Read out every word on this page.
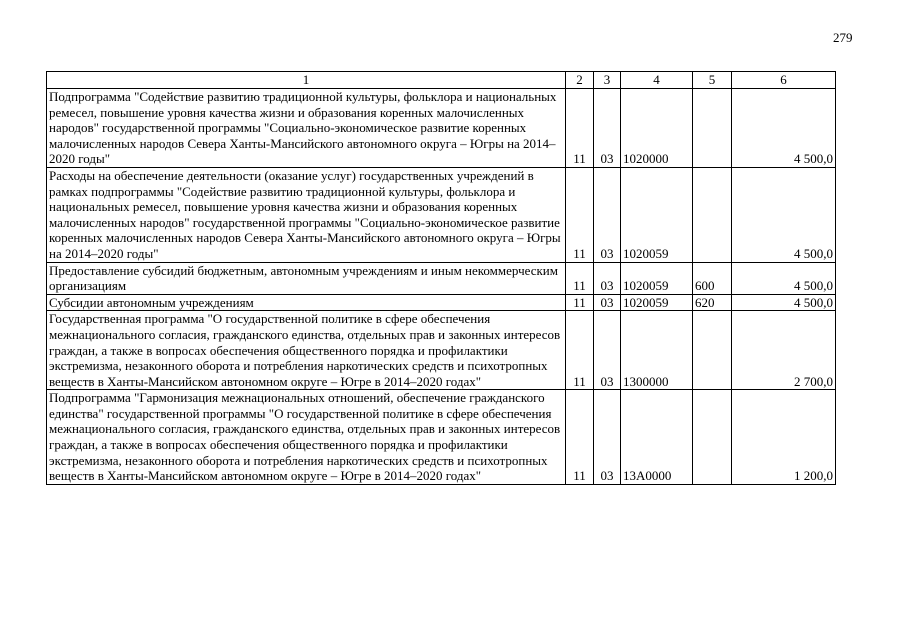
279
1	2	3	4	5	6
Подпрограмма "Содействие развитию традиционной культуры, фольклора и национальных ремесел, повышение уровня качества жизни и образования коренных малочисленных народов" государственной программы "Социально-экономическое развитие коренных малочисленных народов Севера Ханты-Мансийского автономного округа – Югры на 2014–2020 годы"	11	03	1020000		4 500,0
Расходы на обеспечение деятельности (оказание услуг) государственных учреждений в рамках подпрограммы "Содействие развитию традиционной культуры, фольклора и национальных ремесел, повышение уровня качества жизни и образования коренных малочисленных народов" государственной программы "Социально-экономическое развитие коренных малочисленных народов Севера Ханты-Мансийского автономного округа – Югры на 2014–2020 годы"	11	03	1020059		4 500,0
Предоставление субсидий бюджетным, автономным учреждениям и иным некоммерческим организациям	11	03	1020059	600	4 500,0
Субсидии автономным учреждениям	11	03	1020059	620	4 500,0
Государственная программа "О государственной политике в сфере обеспечения межнационального согласия, гражданского единства, отдельных прав и законных интересов граждан, а также в вопросах обеспечения общественного порядка и профилактики экстремизма, незаконного оборота и потребления наркотических средств и психотропных веществ в Ханты-Мансийском автономном округе – Югре в 2014–2020 годах"	11	03	1300000		2 700,0
Подпрограмма "Гармонизация межнациональных отношений, обеспечение гражданского единства" государственной программы "О государственной политике в сфере обеспечения межнационального согласия, гражданского единства, отдельных прав и законных интересов граждан, а также в вопросах обеспечения общественного порядка и профилактики экстремизма, незаконного оборота и потребления наркотических средств и психотропных веществ в Ханты-Мансийском автономном округе – Югре в 2014–2020 годах"	11	03	13А0000		1 200,0
